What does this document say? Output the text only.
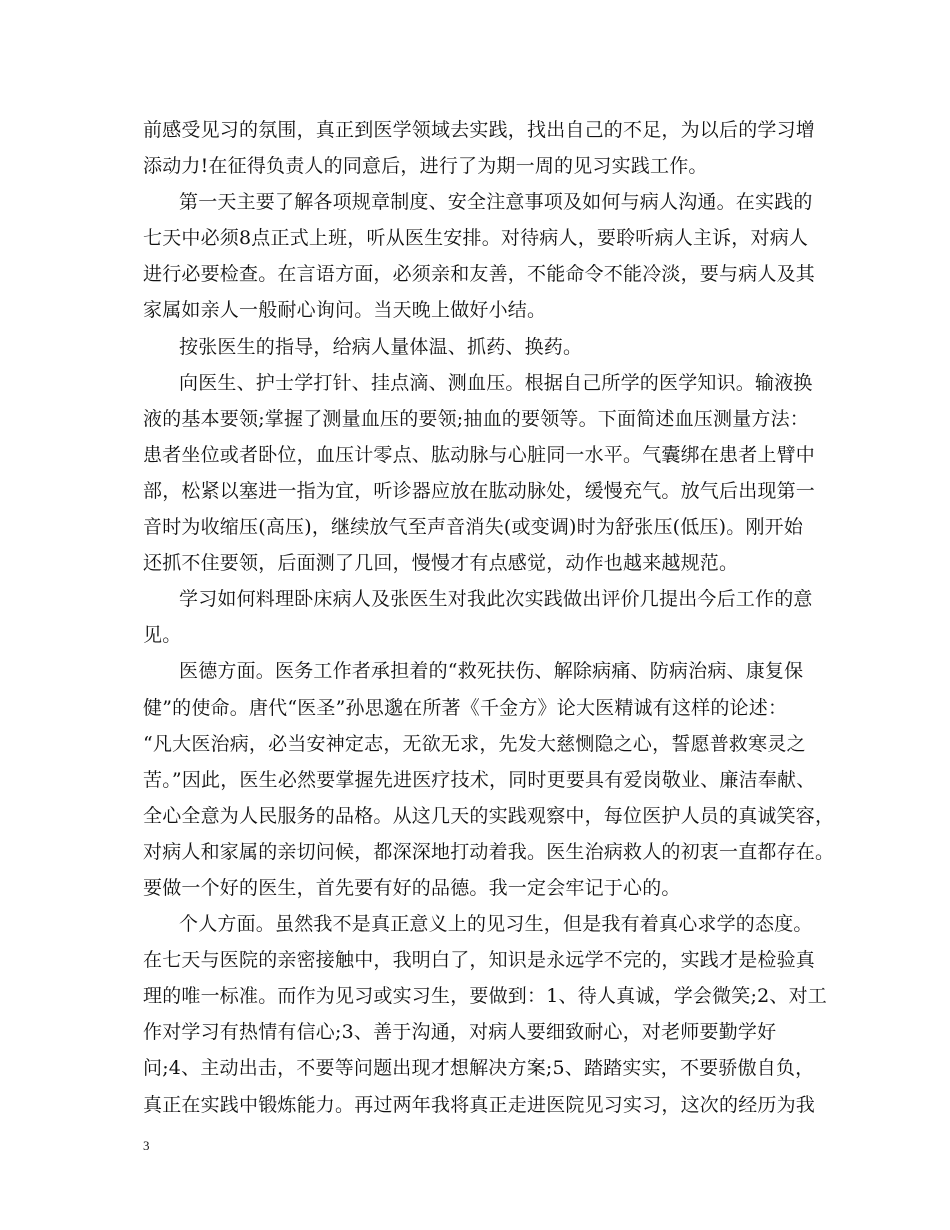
前感受见习的氛围，真正到医学领域去实践，找出自己的不足，为以后的学习增
添动力!在征得负责人的同意后，进行了为期一周的见习实践工作。
第一天主要了解各项规章制度、安全注意事项及如何与病人沟通。在实践的
七天中必须8点正式上班，听从医生安排。对待病人，要聆听病人主诉，对病人
进行必要检查。在言语方面，必须亲和友善，不能命令不能冷淡，要与病人及其
家属如亲人一般耐心询问。当天晚上做好小结。
按张医生的指导，给病人量体温、抓药、换药。
向医生、护士学打针、挂点滴、测血压。根据自己所学的医学知识。输液换
液的基本要领;掌握了测量血压的要领;抽血的要领等。下面简述血压测量方法：
患者坐位或者卧位，血压计零点、肱动脉与心脏同一水平。气囊绑在患者上臂中
部，松紧以塞进一指为宜，听诊器应放在肱动脉处，缓慢充气。放气后出现第一
音时为收缩压(高压)，继续放气至声音消失(或变调)时为舒张压(低压)。刚开始
还抓不住要领，后面测了几回，慢慢才有点感觉，动作也越来越规范。
学习如何料理卧床病人及张医生对我此次实践做出评价几提出今后工作的意
见。
医德方面。医务工作者承担着的“救死扶伤、解除病痛、防病治病、康复保
健”的使命。唐代“医圣”孙思邈在所著《千金方》论大医精诚有这样的论述：
“凡大医治病，必当安神定志，无欲无求，先发大慈恻隐之心，誓愿普救寒灵之
苦。”因此，医生必然要掌握先进医疗技术，同时更要具有爱岗敬业、廉洁奉献、
全心全意为人民服务的品格。从这几天的实践观察中，每位医护人员的真诚笑容，
对病人和家属的亲切问候，都深深地打动着我。医生治病救人的初衷一直都存在。
要做一个好的医生，首先要有好的品德。我一定会牢记于心的。
个人方面。虽然我不是真正意义上的见习生，但是我有着真心求学的态度。
在七天与医院的亲密接触中，我明白了，知识是永远学不完的，实践才是检验真
理的唯一标准。而作为见习或实习生，要做到：1、待人真诚，学会微笑;2、对工
作对学习有热情有信心;3、善于沟通，对病人要细致耐心，对老师要勤学好
问;4、主动出击，不要等问题出现才想解决方案;5、踏踏实实，不要骄傲自负，
真正在实践中锻炼能力。再过两年我将真正走进医院见习实习，这次的经历为我
3
